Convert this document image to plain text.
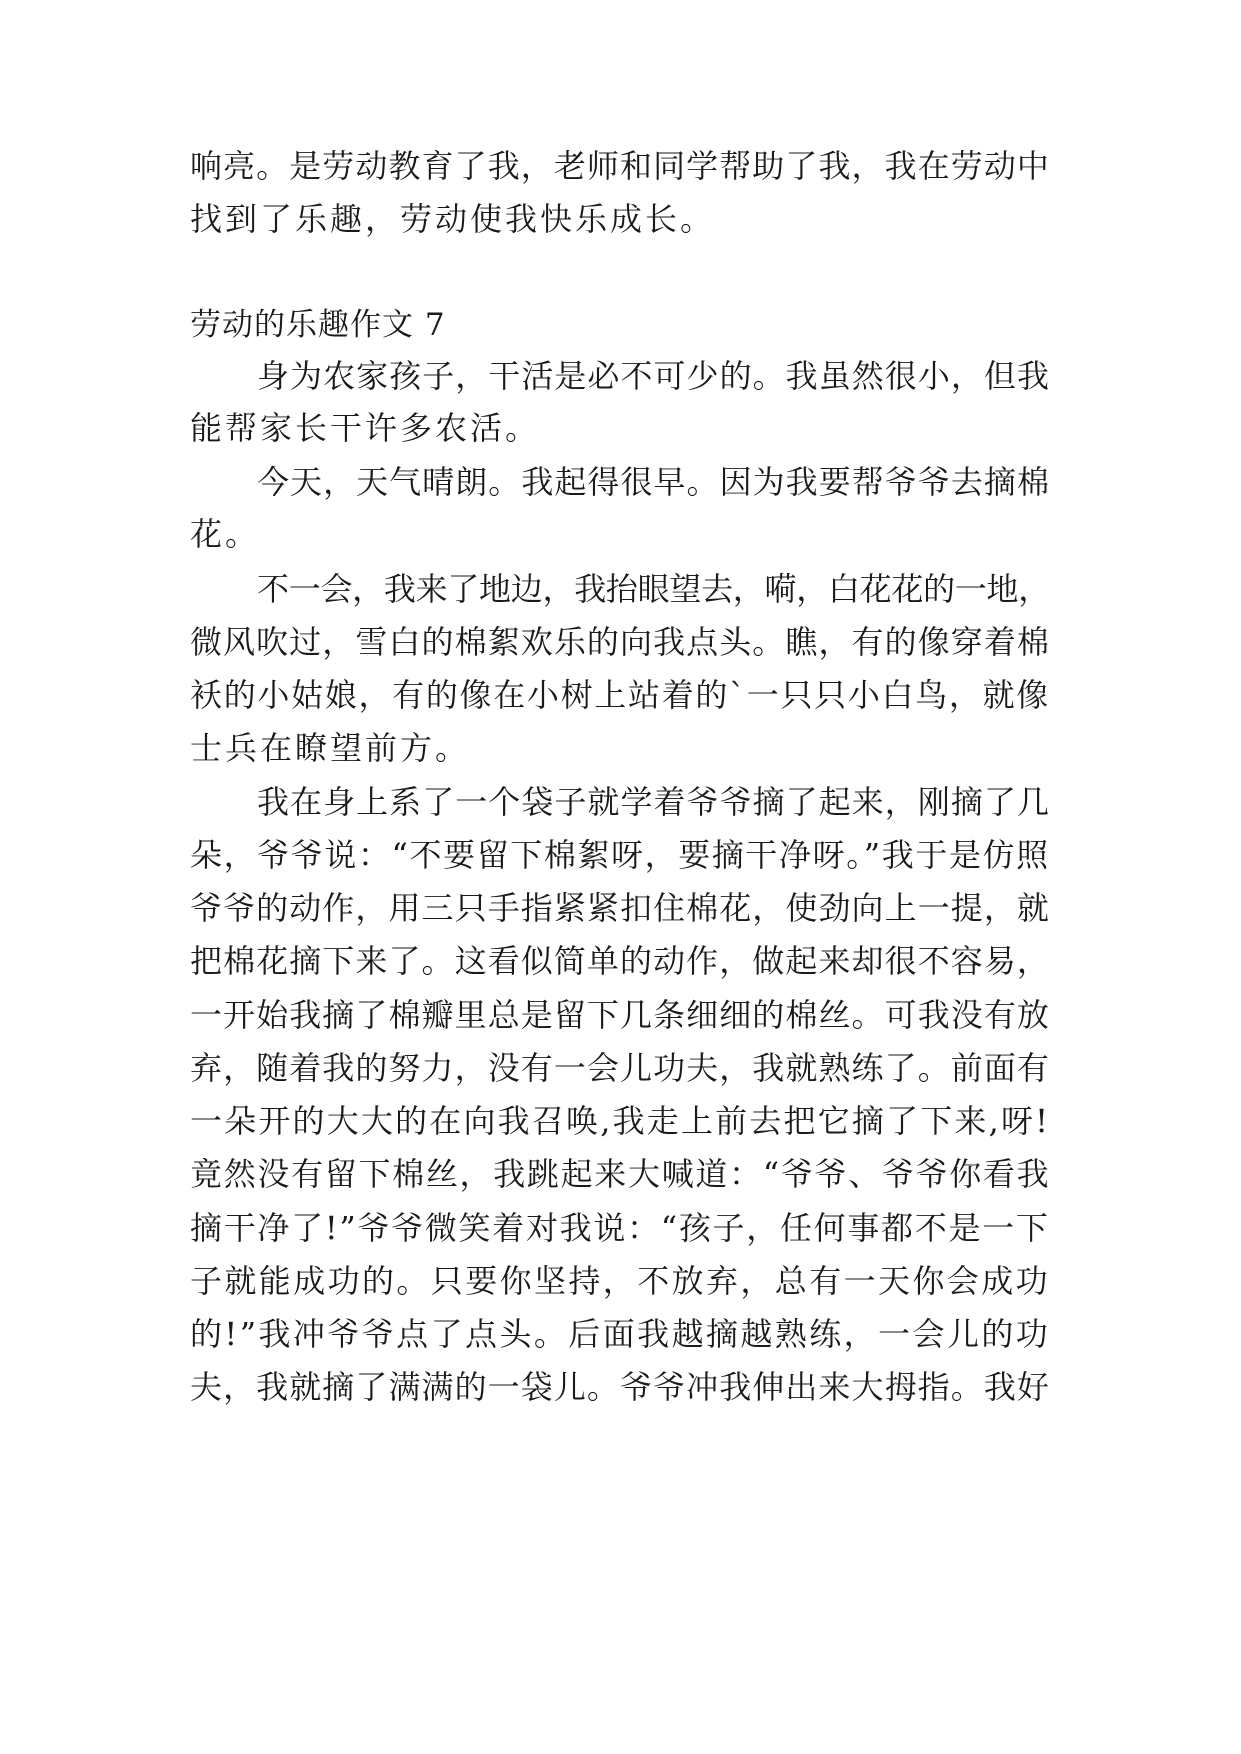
响亮。是劳动教育了我，老师和同学帮助了我，我在劳动中
找到了乐趣，劳动使我快乐成长。
劳动的乐趣作文 7
身为农家孩子，干活是必不可少的。我虽然很小，但我
能帮家长干许多农活。
今天，天气晴朗。我起得很早。因为我要帮爷爷去摘棉
花。
不一会，我来了地边，我抬眼望去，嗬，白花花的一地，
微风吹过，雪白的棉絮欢乐的向我点头。瞧，有的像穿着棉
袄的小姑娘，有的像在小树上站着的`一只只小白鸟，就像
士兵在瞭望前方。
我在身上系了一个袋子就学着爷爷摘了起来，刚摘了几
朵，爷爷说：“不要留下棉絮呀，要摘干净呀。”我于是仿照
爷爷的动作，用三只手指紧紧扣住棉花，使劲向上一提，就
把棉花摘下来了。这看似简单的动作，做起来却很不容易，
一开始我摘了棉瓣里总是留下几条细细的棉丝。可我没有放
弃，随着我的努力，没有一会儿功夫，我就熟练了。前面有
一朵开的大大的在向我召唤,我走上前去把它摘了下来,呀!
竟然没有留下棉丝，我跳起来大喊道：“爷爷、爷爷你看我
摘干净了!”爷爷微笑着对我说：“孩子，任何事都不是一下
子就能成功的。只要你坚持，不放弃，总有一天你会成功
的!”我冲爷爷点了点头。后面我越摘越熟练，一会儿的功
夫，我就摘了满满的一袋儿。爷爷冲我伸出来大拇指。我好
